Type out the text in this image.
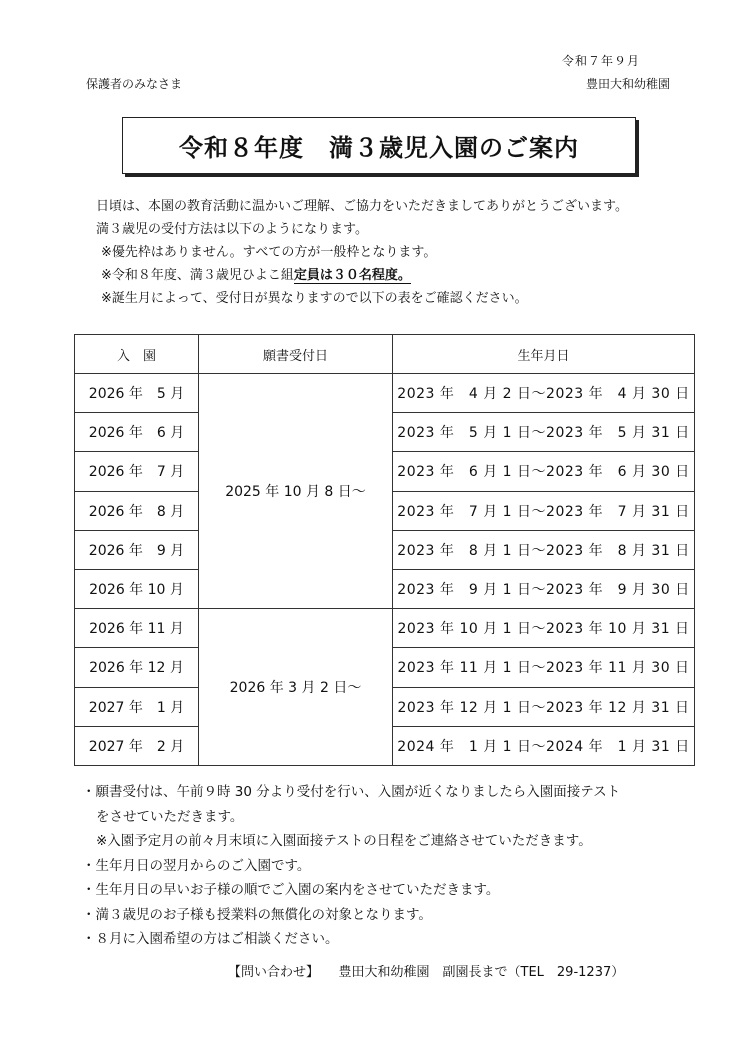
令和７年９月
豊田大和幼稚園
保護者のみなさま
令和８年度　満３歳児入園のご案内

日頃は、本園の教育活動に温かいご理解、ご協力をいただきましてありがとうございます。

満３歳児の受付方法は以下のようになります。

※優先枠はありません。すべての方が一般枠となります。

※令和８年度、満３歳児ひよこ組定員は３０名程度。

※誕生月によって、受付日が異なりますので以下の表をご確認ください。

入　園	願書受付日	生年月日
2026 年　5 月	2025 年 10 月 8 日～	2023 年　4 月 2 日～2023 年　4 月 30 日
2026 年　6 月		2023 年　5 月 1 日～2023 年　5 月 31 日
2026 年　7 月		2023 年　6 月 1 日～2023 年　6 月 30 日
2026 年　8 月		2023 年　7 月 1 日～2023 年　7 月 31 日
2026 年　9 月		2023 年　8 月 1 日～2023 年　8 月 31 日
2026 年 10 月		2023 年　9 月 1 日～2023 年　9 月 30 日
2026 年 11 月	2026 年 3 月 2 日～	2023 年 10 月 1 日～2023 年 10 月 31 日
2026 年 12 月		2023 年 11 月 1 日～2023 年 11 月 30 日
2027 年　1 月		2023 年 12 月 1 日～2023 年 12 月 31 日
2027 年　2 月		2024 年　1 月 1 日～2024 年　1 月 31 日

・願書受付は、午前９時 30 分より受付を行い、入園が近くなりましたら入園面接テスト

をさせていただきます。

※入園予定月の前々月末頃に入園面接テストの日程をご連絡させていただきます。

・生年月日の翌月からのご入園です。

・生年月日の早いお子様の順でご入園の案内をさせていただきます。

・満３歳児のお子様も授業料の無償化の対象となります。

・８月に入園希望の方はご相談ください。

【問い合わせ】   豊田大和幼稚園　副園長まで（TEL　29-1237）
